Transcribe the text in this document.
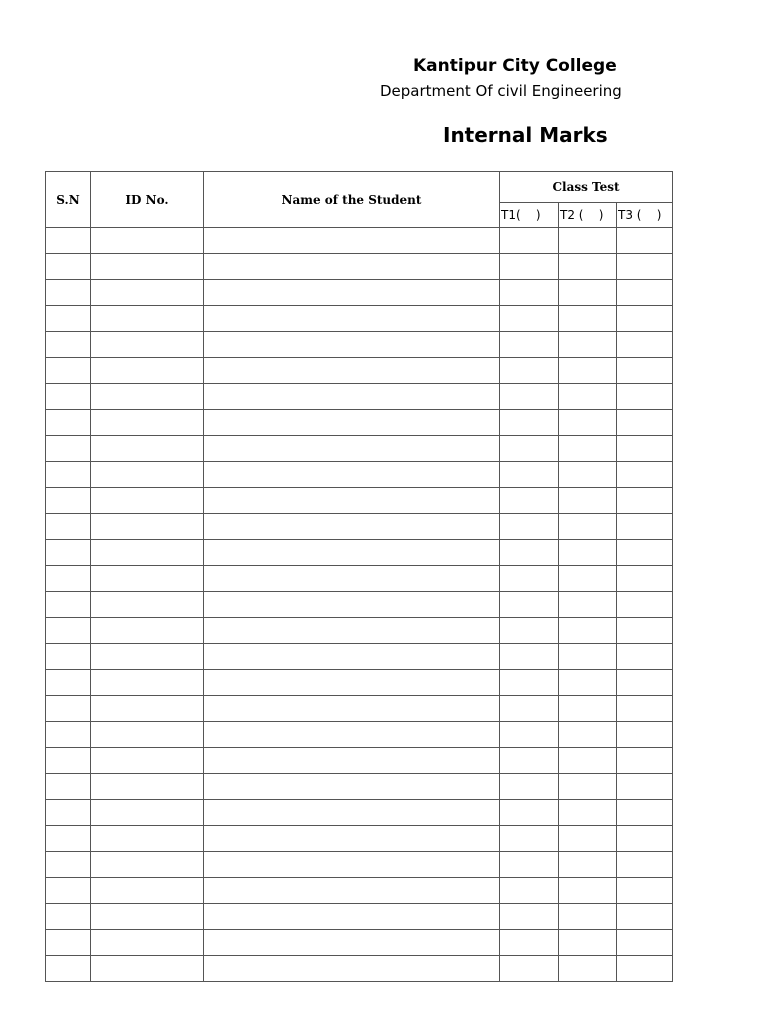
Kantipur City College
Department Of civil Engineering
Internal Marks
S.N	ID No.	Name of the Student	Class Test		
			T1(    )	T2 (    )	T3 (    )
